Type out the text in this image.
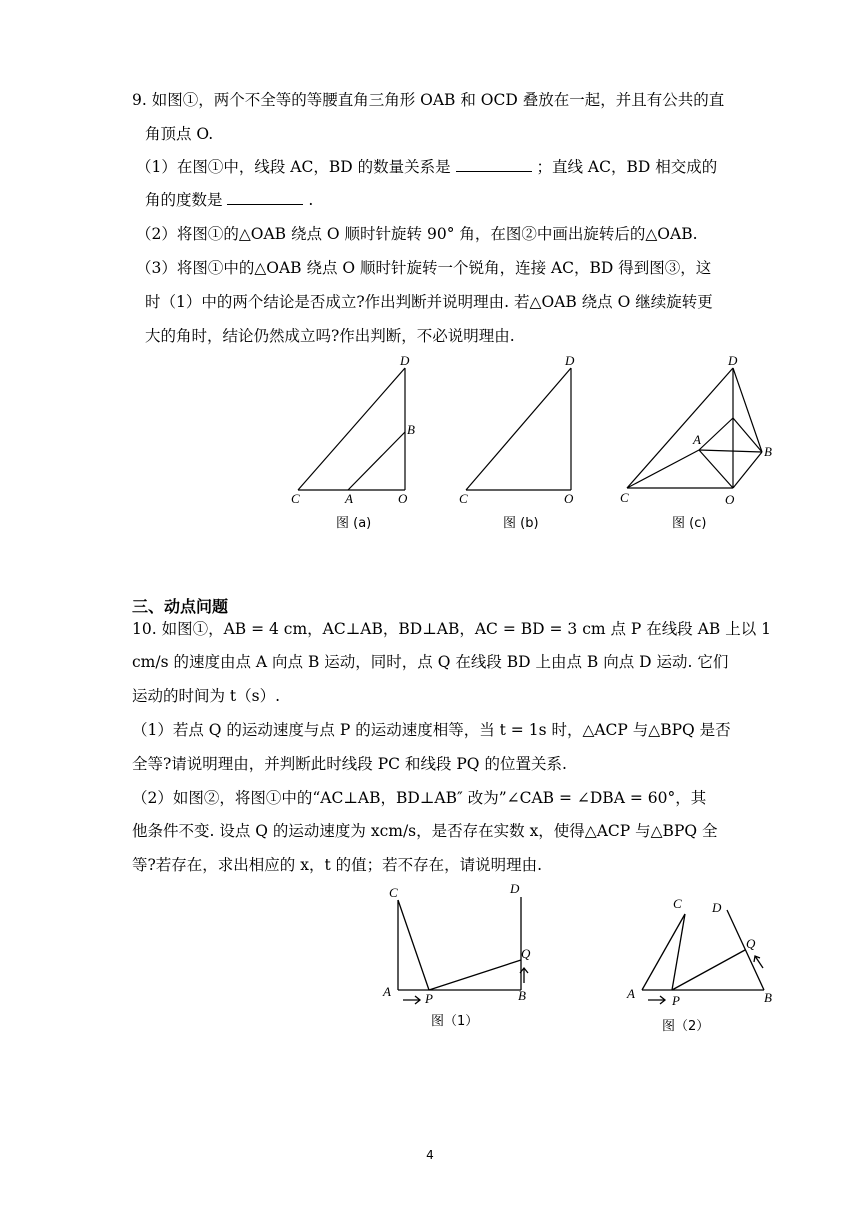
9. 如图①，两个不全等的等腰直角三角形 OAB 和 OCD 叠放在一起，并且有公共的直
角顶点 O.
（1）在图①中，线段 AC，BD 的数量关系是	；直线 AC，BD 相交成的
角的度数是	.
（2）将图①的△OAB 绕点 O 顺时针旋转 90° 角，在图②中画出旋转后的△OAB.
（3）将图①中的△OAB 绕点 O 顺时针旋转一个锐角，连接 AC，BD 得到图③，这
时（1）中的两个结论是否成立?作出判断并说明理由. 若△OAB 绕点 O 继续旋转更
大的角时，结论仍然成立吗?作出判断，不必说明理由.
C	A	O
B
D
图 (a)
C	O
D
图 (b)
C
A
O
B
D
图 (c)
三、动点问题
10. 如图①，AB = 4 cm，AC⊥AB，BD⊥AB，AC = BD = 3 cm 点 P 在线段 AB 上以 1
cm/s 的速度由点 A 向点 B 运动，同时，点 Q 在线段 BD 上由点 B 向点 D 运动. 它们
运动的时间为 t（s）.
（1）若点 Q 的运动速度与点 P 的运动速度相等，当 t = 1s 时，△ACP 与△BPQ 是否
全等?请说明理由，并判断此时线段 PC 和线段 PQ 的位置关系.
（2）如图②，将图①中的“AC⊥AB，BD⊥AB″ 改为”∠CAB = ∠DBA = 60°，其
他条件不变. 设点 Q 的运动速度为 xcm/s，是否存在实数 x，使得△ACP 与△BPQ 全
等?若存在，求出相应的 x，t 的值；若不存在，请说明理由.
C	D
A	P	B
Q
图（1）
C D
A	P	B
Q
图（2）
4
